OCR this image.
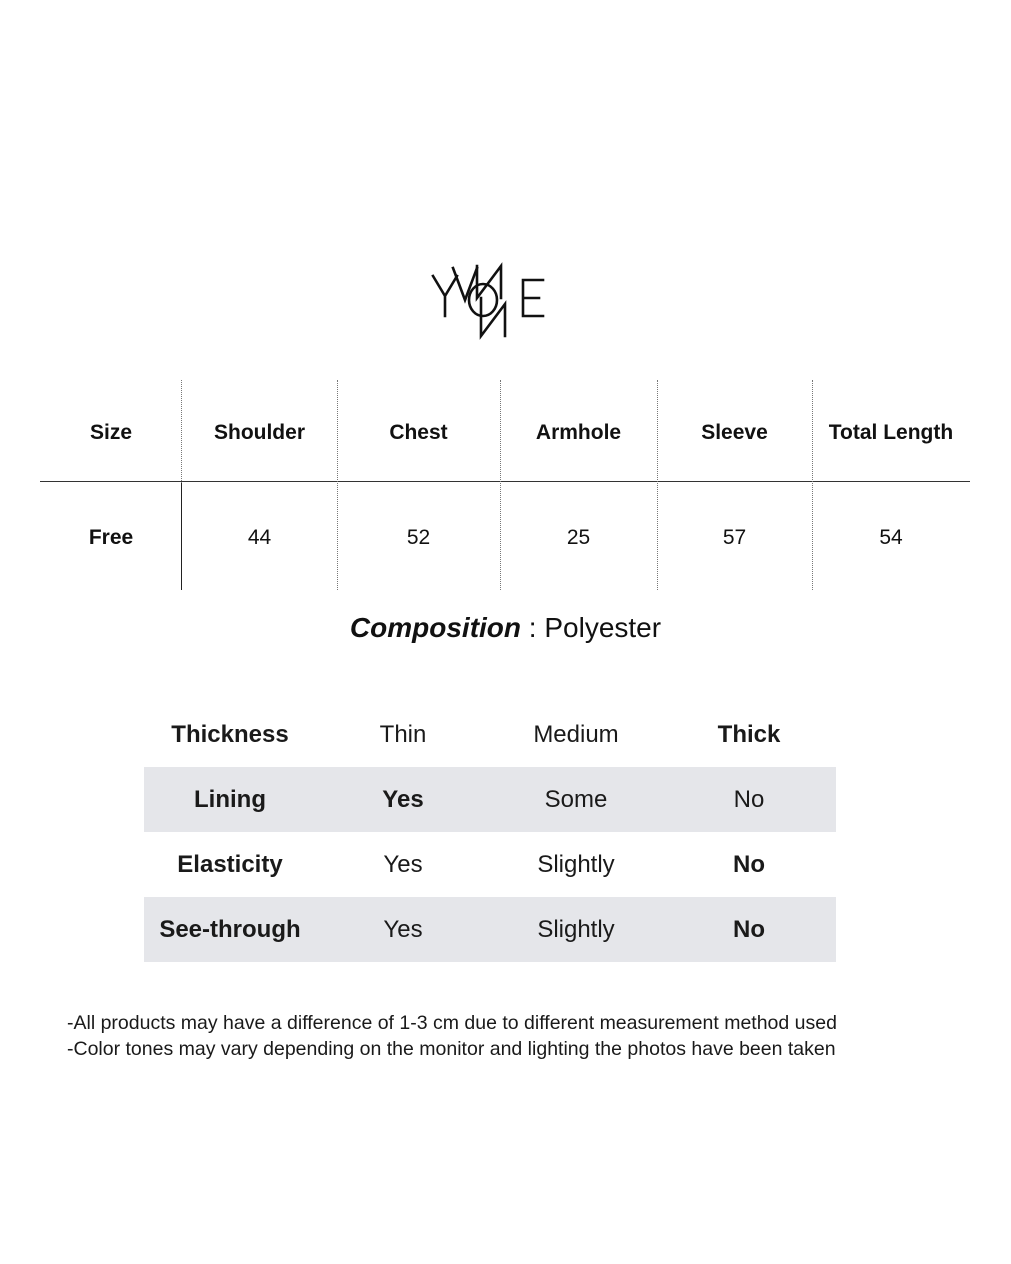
Size	Shoulder	Chest	Armhole	Sleeve	Total Length
Free	44	52	25	57	54
Composition : Polyester
Thickness	Thin	Medium	Thick
Lining	Yes	Some	No
Elasticity	Yes	Slightly	No
See-through	Yes	Slightly	No
-All products may have a difference of 1-3 cm due to different measurement method used
-Color tones may vary depending on the monitor and lighting the photos have been taken
